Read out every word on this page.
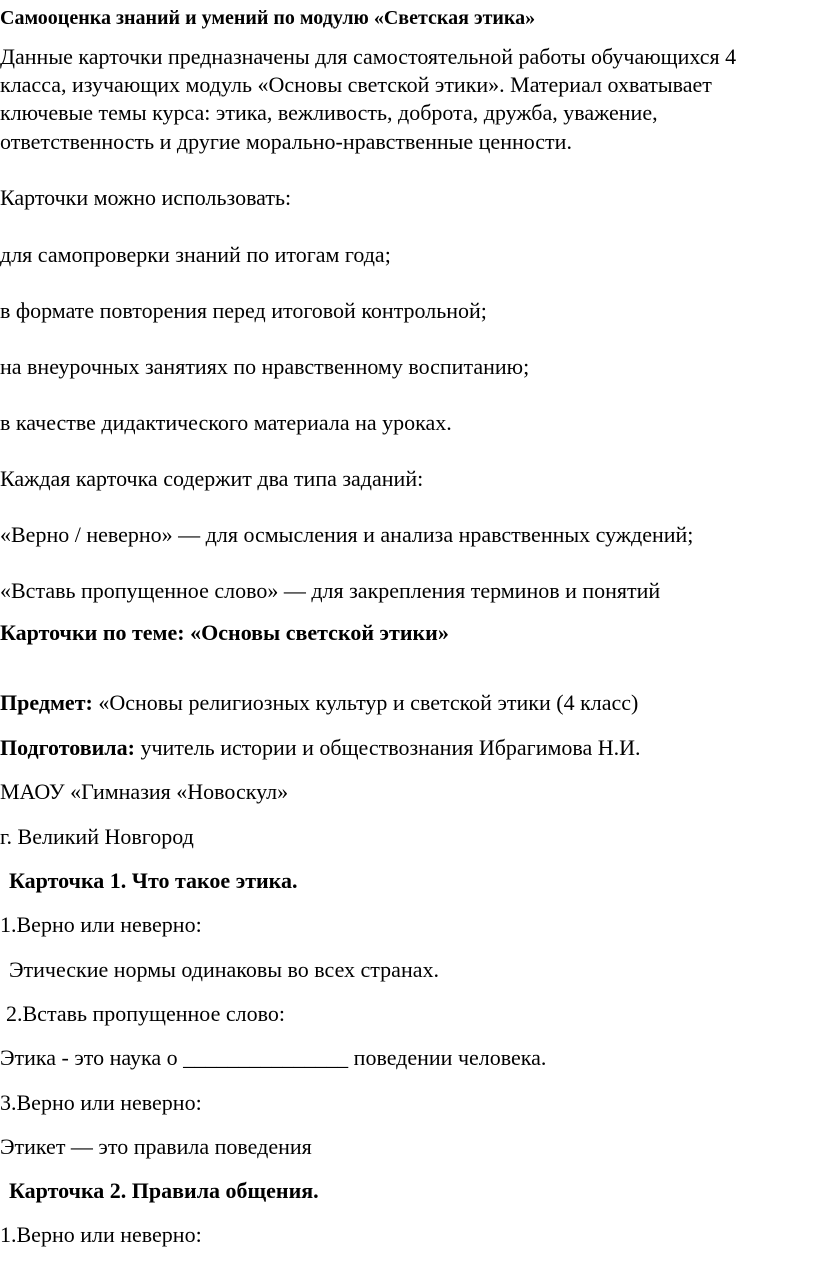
Самооценка знаний и умений по модулю «Светская этика»
Данные карточки предназначены для самостоятельной работы обучающихся 4
класса, изучающих модуль «Основы светской этики». Материал охватывает
ключевые темы курса: этика, вежливость, доброта, дружба, уважение,
ответственность и другие морально-нравственные ценности.
Карточки можно использовать:
для самопроверки знаний по итогам года;
в формате повторения перед итоговой контрольной;
на внеурочных занятиях по нравственному воспитанию;
в качестве дидактического материала на уроках.
Каждая карточка содержит два типа заданий:
«Верно / неверно» — для осмысления и анализа нравственных суждений;
«Вставь пропущенное слово» — для закрепления терминов и понятий
Карточки по теме: «Основы светской этики»
Предмет: «Основы религиозных культур и светской этики (4 класс)
Подготовила: учитель истории и обществознания Ибрагимова Н.И.
МАОУ «Гимназия «Новоскул»
г. Великий Новгород
Карточка 1. Что такое этика.
1.Верно или неверно:
Этические нормы одинаковы во всех странах.
2.Вставь пропущенное слово:
Этика - это наука о _______________ поведении человека.
3.Верно или неверно:
Этикет — это правила поведения
Карточка 2. Правила общения.
1.Верно или неверно:
